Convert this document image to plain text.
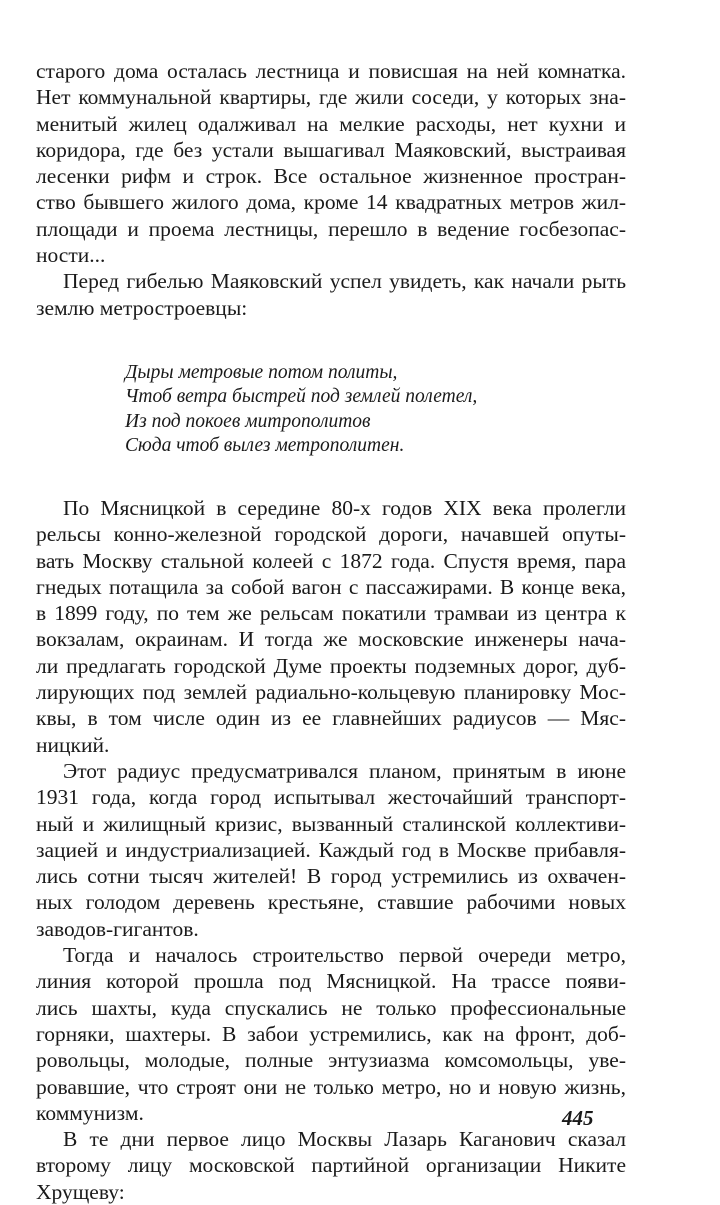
старого дома осталась лестница и повисшая на ней комнатка.
Нет коммунальной квартиры, где жили соседи, у которых зна-
менитый жилец одалживал на мелкие расходы, нет кухни и
коридора, где без устали вышагивал Маяковский, выстраивая
лесенки рифм и строк. Все остальное жизненное простран-
ство бывшего жилого дома, кроме 14 квадратных метров жил-
площади и проема лестницы, перешло в ведение госбезопас-
ности...
Перед гибелью Маяковский успел увидеть, как начали рыть
землю метростроевцы:
Дыры метровые потом политы,
Чтоб ветра быстрей под землей полетел,
Из под покоев митрополитов
Сюда чтоб вылез метрополитен.
По Мясницкой в середине 80-х годов XIX века пролегли
рельсы конно-железной городской дороги, начавшей опуты-
вать Москву стальной колеей с 1872 года. Спустя время, пара
гнедых потащила за собой вагон с пассажирами. В конце века,
в 1899 году, по тем же рельсам покатили трамваи из центра к
вокзалам, окраинам. И тогда же московские инженеры нача-
ли предлагать городской Думе проекты подземных дорог, дуб-
лирующих под землей радиально-кольцевую планировку Мос-
квы, в том числе один из ее главнейших радиусов — Мяс-
ницкий.
Этот радиус предусматривался планом, принятым в июне
1931 года, когда город испытывал жесточайший транспорт-
ный и жилищный кризис, вызванный сталинской коллективи-
зацией и индустриализацией. Каждый год в Москве прибавля-
лись сотни тысяч жителей! В город устремились из охвачен-
ных голодом деревень крестьяне, ставшие рабочими новых
заводов-гигантов.
Тогда и началось строительство первой очереди метро,
линия которой прошла под Мясницкой. На трассе появи-
лись шахты, куда спускались не только профессиональные
горняки, шахтеры. В забои устремились, как на фронт, доб-
ровольцы, молодые, полные энтузиазма комсомольцы, уве-
ровавшие, что строят они не только метро, но и новую жизнь,
коммунизм.
В те дни первое лицо Москвы Лазарь Каганович сказал
второму лицу московской партийной организации Никите
Хрущеву:
445
